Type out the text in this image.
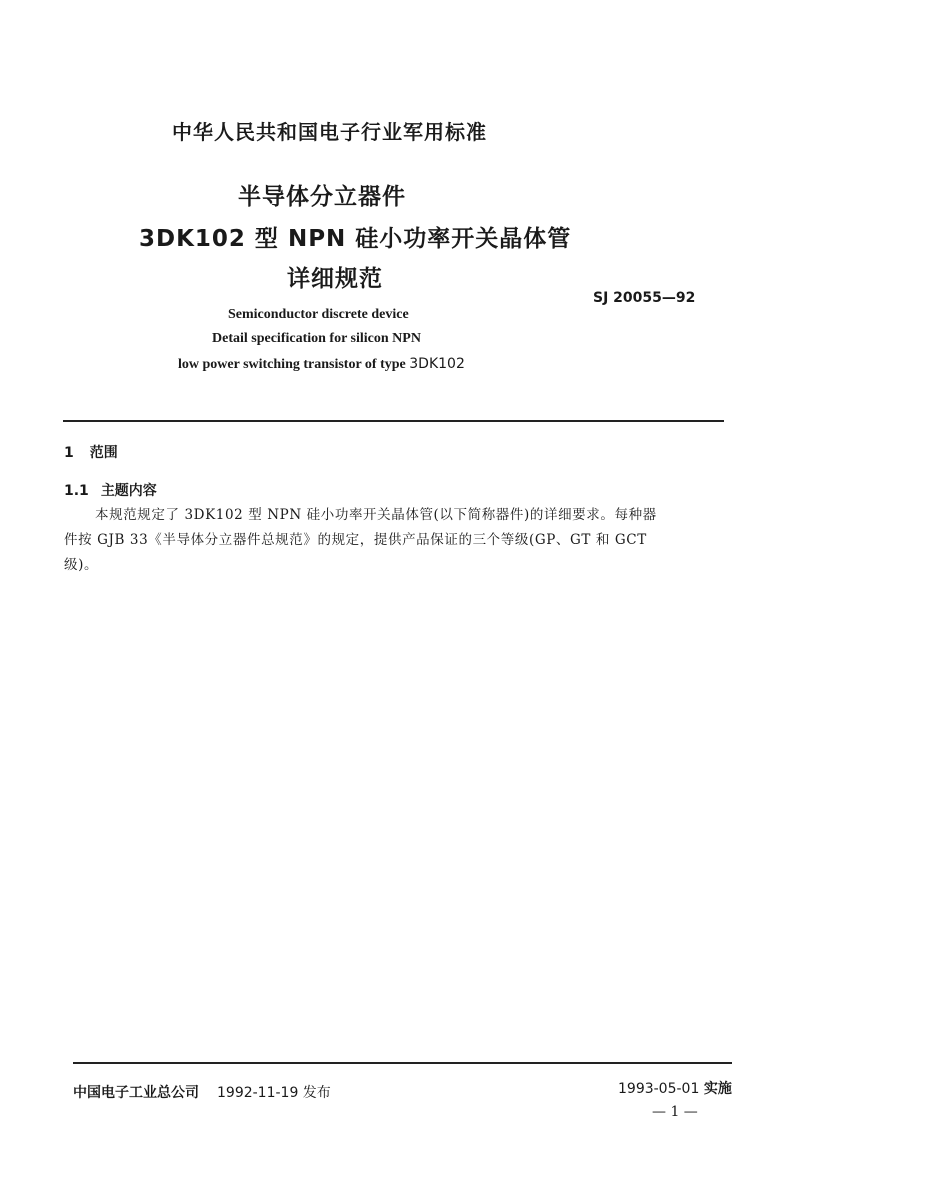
中华人民共和国电子行业军用标准
半导体分立器件
3DK102 型 NPN 硅小功率开关晶体管
详细规范
SJ 20055—92
Semiconductor discrete device
Detail specification for silicon NPN
low power switching transistor of type 3DK102
1 范围
1.1 主题内容
本规范规定了 3DK102 型 NPN 硅小功率开关晶体管(以下简称器件)的详细要求。每种器
件按 GJB 33《半导体分立器件总规范》的规定，提供产品保证的三个等级(GP、GT 和 GCT
级)。
中国电子工业总公司 1992-11-19 发布	1993-05-01 实施
— 1 —
